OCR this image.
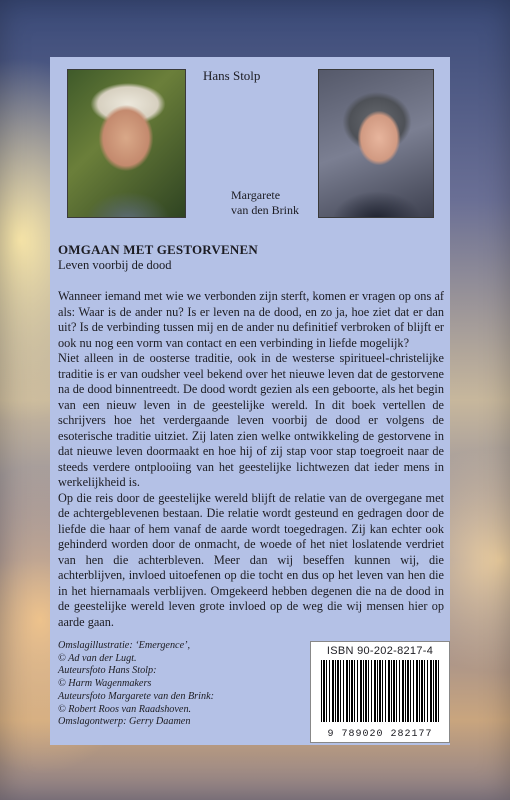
Hans Stolp
Margarete
van den Brink
OMGAAN MET GESTORVENEN
Leven voorbij de dood

Wanneer iemand met wie we verbonden zijn sterft, komen er vragen op ons af als: Waar is de ander nu? Is er leven na de dood, en zo ja, hoe ziet dat er dan uit? Is de verbinding tussen mij en de ander nu definitief verbroken of blijft er ook nu nog een vorm van contact en een verbinding in liefde mogelijk?

Niet alleen in de oosterse traditie, ook in de westerse spiritueel-christelijke traditie is er van oudsher veel bekend over het nieuwe leven dat de gestorvene na de dood binnentreedt. De dood wordt gezien als een geboorte, als het begin van een nieuw leven in de geestelijke wereld. In dit boek vertellen de schrijvers hoe het verdergaande leven voorbij de dood er volgens de esoterische traditie uitziet. Zij laten zien welke ontwikkeling de gestorvene in dat nieuwe leven doormaakt en hoe hij of zij stap voor stap toegroeit naar de steeds verdere ontplooiing van het geestelijke lichtwezen dat ieder mens in werkelijkheid is.

Op die reis door de geestelijke wereld blijft de relatie van de overgegane met de achtergeblevenen bestaan. Die relatie wordt gesteund en gedragen door de liefde die haar of hem vanaf de aarde wordt toegedragen. Zij kan echter ook gehinderd worden door de onmacht, de woede of het niet loslatende verdriet van hen die achterbleven. Meer dan wij beseffen kunnen wij, die achterblijven, invloed uitoefenen op die tocht en dus op het leven van hen die in het hiernamaals verblijven. Omgekeerd hebben degenen die na de dood in de geestelijke wereld leven grote invloed op de weg die wij mensen hier op aarde gaan.

Omslagillustratie: ‘Emergence’,
© Ad van der Lugt.
Auteursfoto Hans Stolp:
© Harm Wagenmakers
Auteursfoto Margarete van den Brink:
© Robert Roos van Raadshoven.
Omslagontwerp: Gerry Daamen
ISBN 90-202-8217-4
9 789020 282177
